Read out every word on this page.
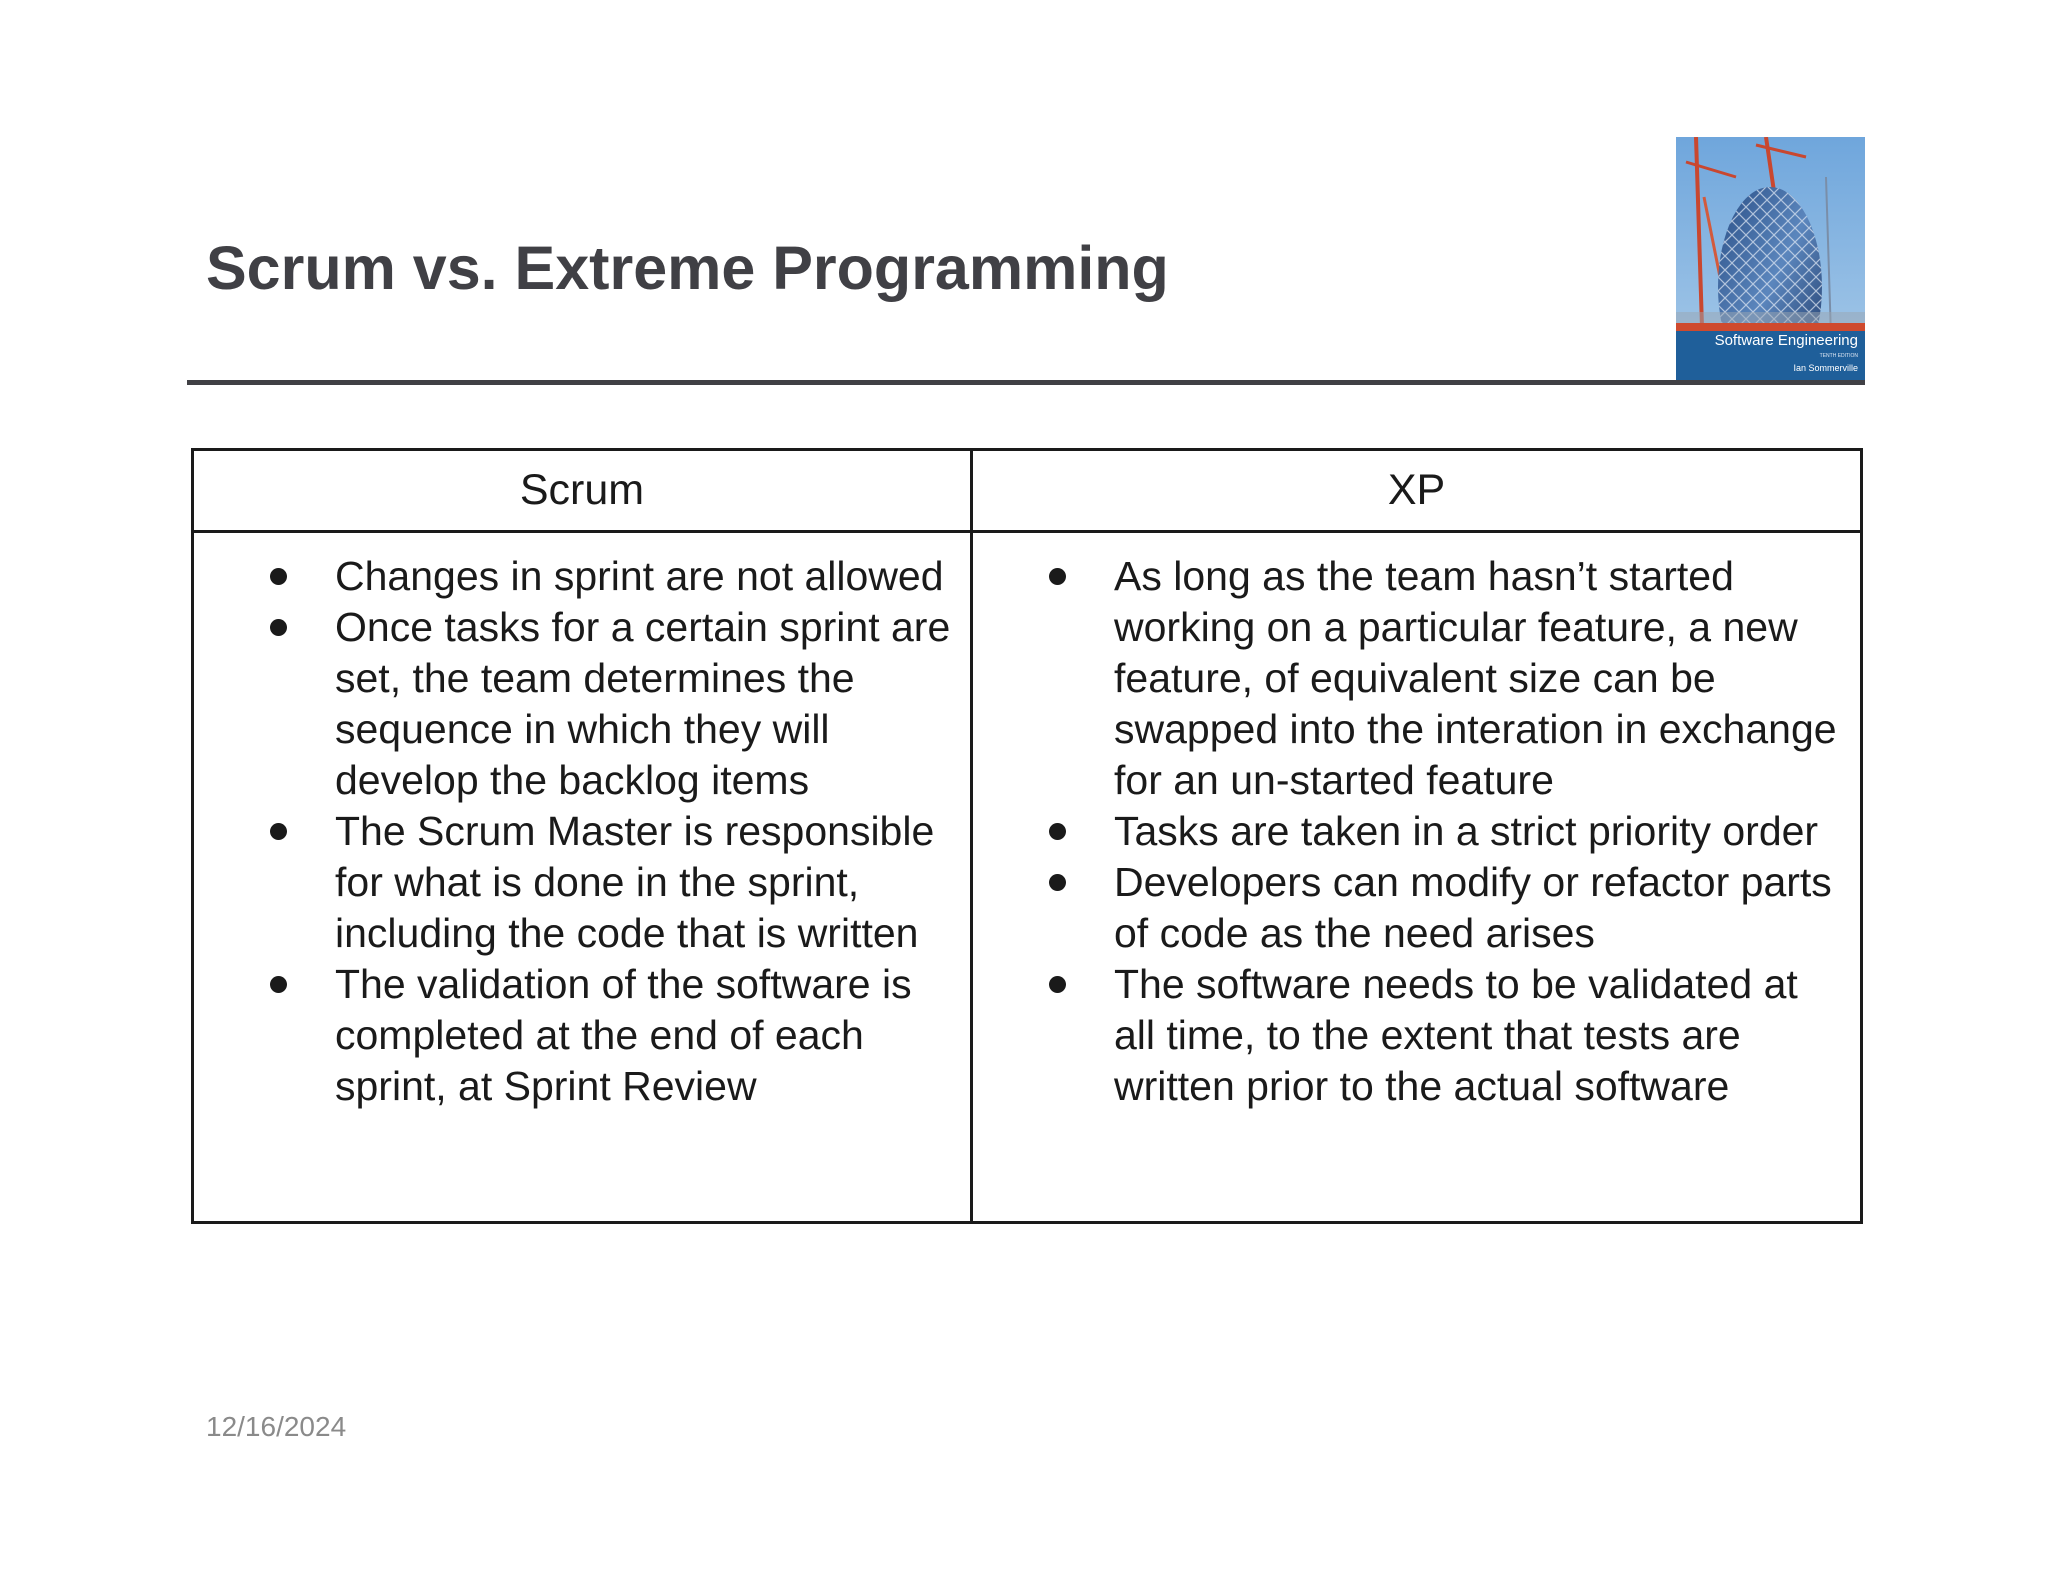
Scrum vs. Extreme Programming
Software Engineering
TENTH EDITION
Ian Sommerville
Scrum	XP
Changes in sprint are not allowed
Once tasks for a certain sprint are set, the team determines the sequence in which they will develop the backlog items
The Scrum Master is responsible for what is done in the sprint, including the code that is written
The validation of the software is completed at the end of each sprint, at Sprint Review
As long as the team hasn’t started working on a particular feature, a new feature, of equivalent size can be swapped into the interation in exchange for an un-started feature
Tasks are taken in a strict priority order
Developers can modify or refactor parts of code as the need arises
The software needs to be validated at all time, to the extent that tests are written prior to the actual software
12/16/2024
